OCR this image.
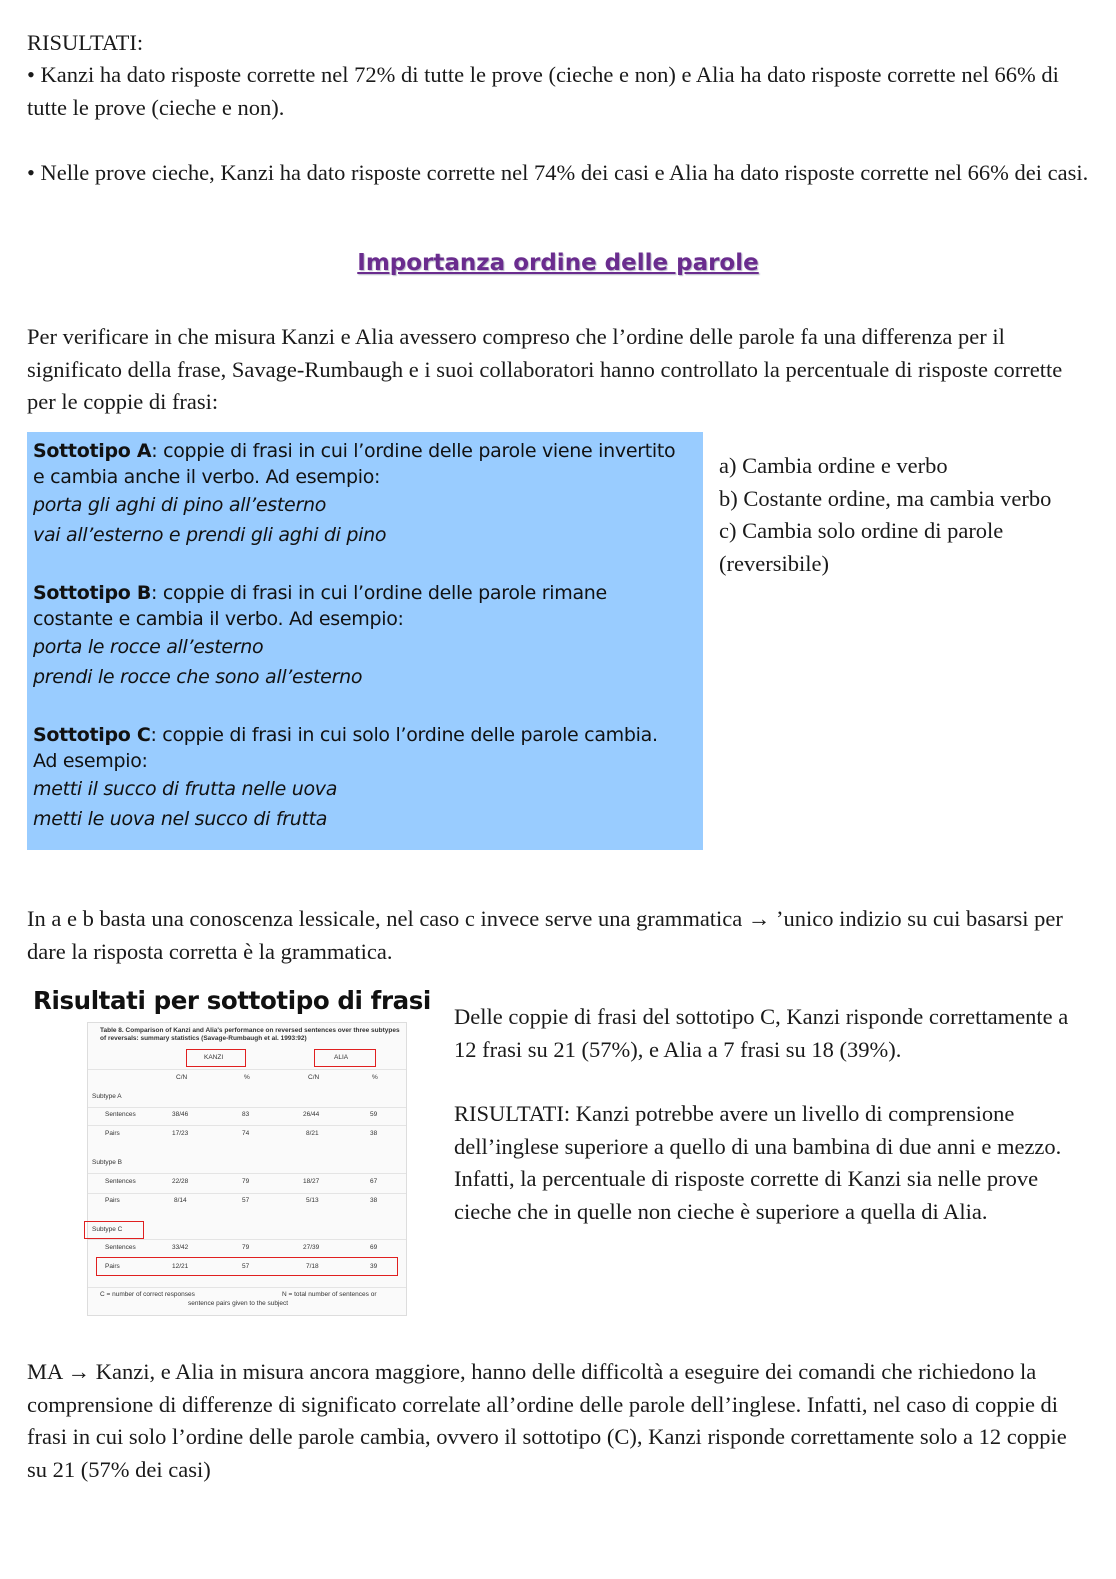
RISULTATI:

• Kanzi ha dato risposte corrette nel 72% di tutte le prove (cieche e non) e Alia ha dato risposte corrette nel 66% di tutte le prove (cieche e non).

• Nelle prove cieche, Kanzi ha dato risposte corrette nel 74% dei casi e Alia ha dato risposte corrette nel 66% dei casi.

Importanza ordine delle parole

Per verificare in che misura Kanzi e Alia avessero compreso che l’ordine delle parole fa una differenza per il significato della frase, Savage-Rumbaugh e i suoi collaboratori hanno controllato la percentuale di risposte corrette per le coppie di frasi:

Sottotipo A: coppie di frasi in cui l’ordine delle parole viene invertito
e cambia anche il verbo. Ad esempio:
porta gli aghi di pino all’esterno
vai all’esterno e prendi gli aghi di pino
Sottotipo B: coppie di frasi in cui l’ordine delle parole rimane
costante e cambia il verbo. Ad esempio:
porta le rocce all’esterno
prendi le rocce che sono all’esterno
Sottotipo C: coppie di frasi in cui solo l’ordine delle parole cambia.
Ad esempio:
metti il succo di frutta nelle uova
metti le uova nel succo di frutta

a) Cambia ordine e verbo

b) Costante ordine, ma cambia verbo

c) Cambia solo ordine di parole (reversibile)

In a e b basta una conoscenza lessicale, nel caso c invece serve una grammatica → ’unico indizio su cui basarsi per dare la risposta corretta è la grammatica.

Risultati per sottotipo di frasi
Table 8. Comparison of Kanzi and Alia's performance on reversed sentences over three subtypes of reversals: summary statistics (Savage-Rumbaugh et al. 1993:92)
KANZI	ALIA
C/N	%	C/N	%
Subtype A
Sentences	38/46	83	26/44	59
Pairs	17/23	74	8/21	38
Subtype B
Sentences	22/28	79	18/27	67
Pairs	8/14	57	5/13	38
Subtype C
Sentences	33/42	79	27/39	69
Pairs	12/21	57	7/18	39
C = number of correct responses	N = total number of sentences or
sentence pairs given to the subject

Delle coppie di frasi del sottotipo C, Kanzi risponde correttamente a 12 frasi su 21 (57%), e Alia a 7 frasi su 18 (39%).

RISULTATI: Kanzi potrebbe avere un livello di comprensione dell’inglese superiore a quello di una bambina di due anni e mezzo. Infatti, la percentuale di risposte corrette di Kanzi sia nelle prove cieche che in quelle non cieche è superiore a quella di Alia.

MA → Kanzi, e Alia in misura ancora maggiore, hanno delle difficoltà a eseguire dei comandi che richiedono la comprensione di differenze di significato correlate all’ordine delle parole dell’inglese. Infatti, nel caso di coppie di frasi in cui solo l’ordine delle parole cambia, ovvero il sottotipo (C), Kanzi risponde correttamente solo a 12 coppie su 21 (57% dei casi)
